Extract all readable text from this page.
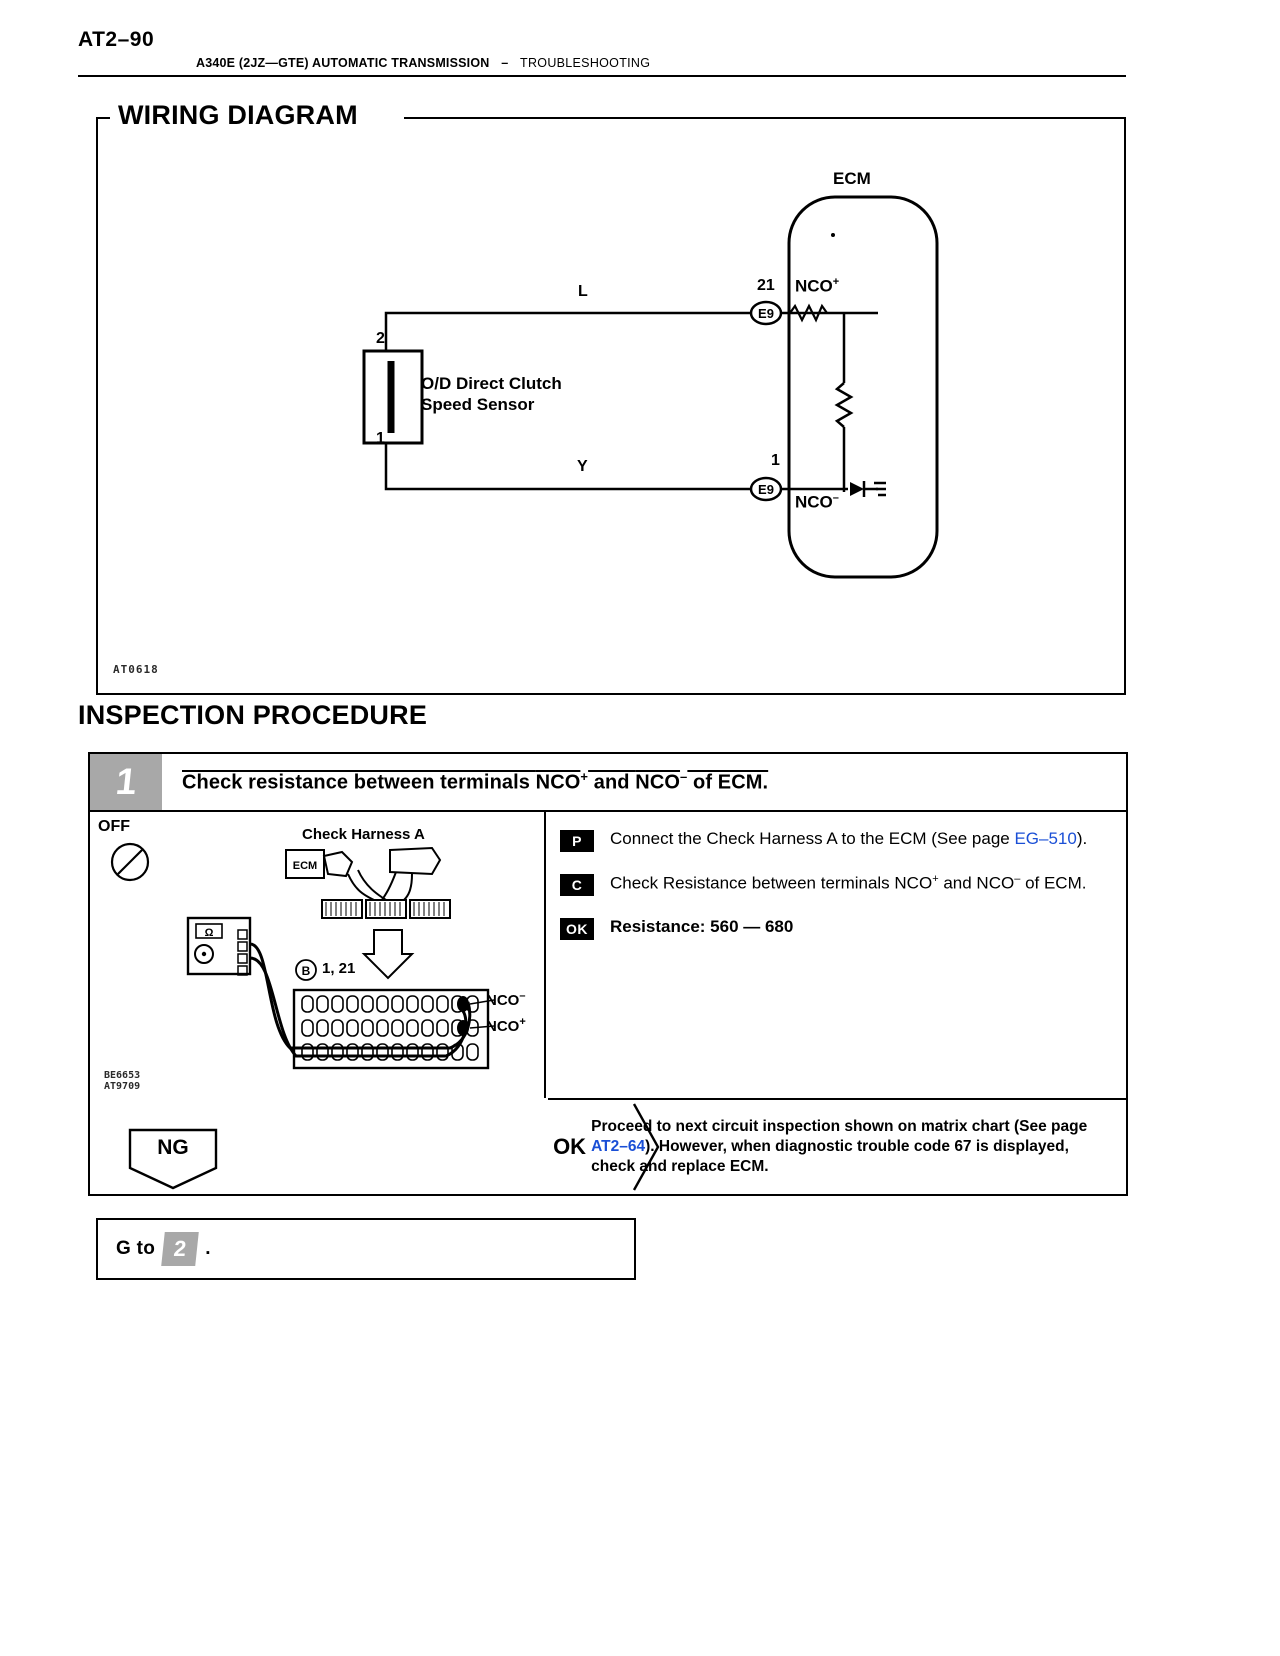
AT2–90
A340E (2JZ—GTE) AUTOMATIC TRANSMISSION – TROUBLESHOOTING
WIRING DIAGRAM
E9
E9
ECM
2
1
O/D Direct Clutch
Speed Sensor
L
Y
21 NCO+
1
NCO–
AT0618
INSPECTION PROCEDURE
1	Check resistance between terminals $\overline{NCO}^+$ and $\overline{NCO}^-$ of ECM.
Ω
ECM
B
OFF	Check Harness A
1, 21
NCO–
NCO+
BE6653
AT9709
P	Connect the Check Harness A to the ECM (See page EG–510).
C	Check Resistance between terminals NCO+ and NCO– of ECM.
OK	Resistance: 560 — 680
OK
Proceed to next circuit inspection shown on matrix chart (See page AT2–64). However, when diagnostic trouble code 67 is displayed, check and replace ECM.
NG
G to 2 .
